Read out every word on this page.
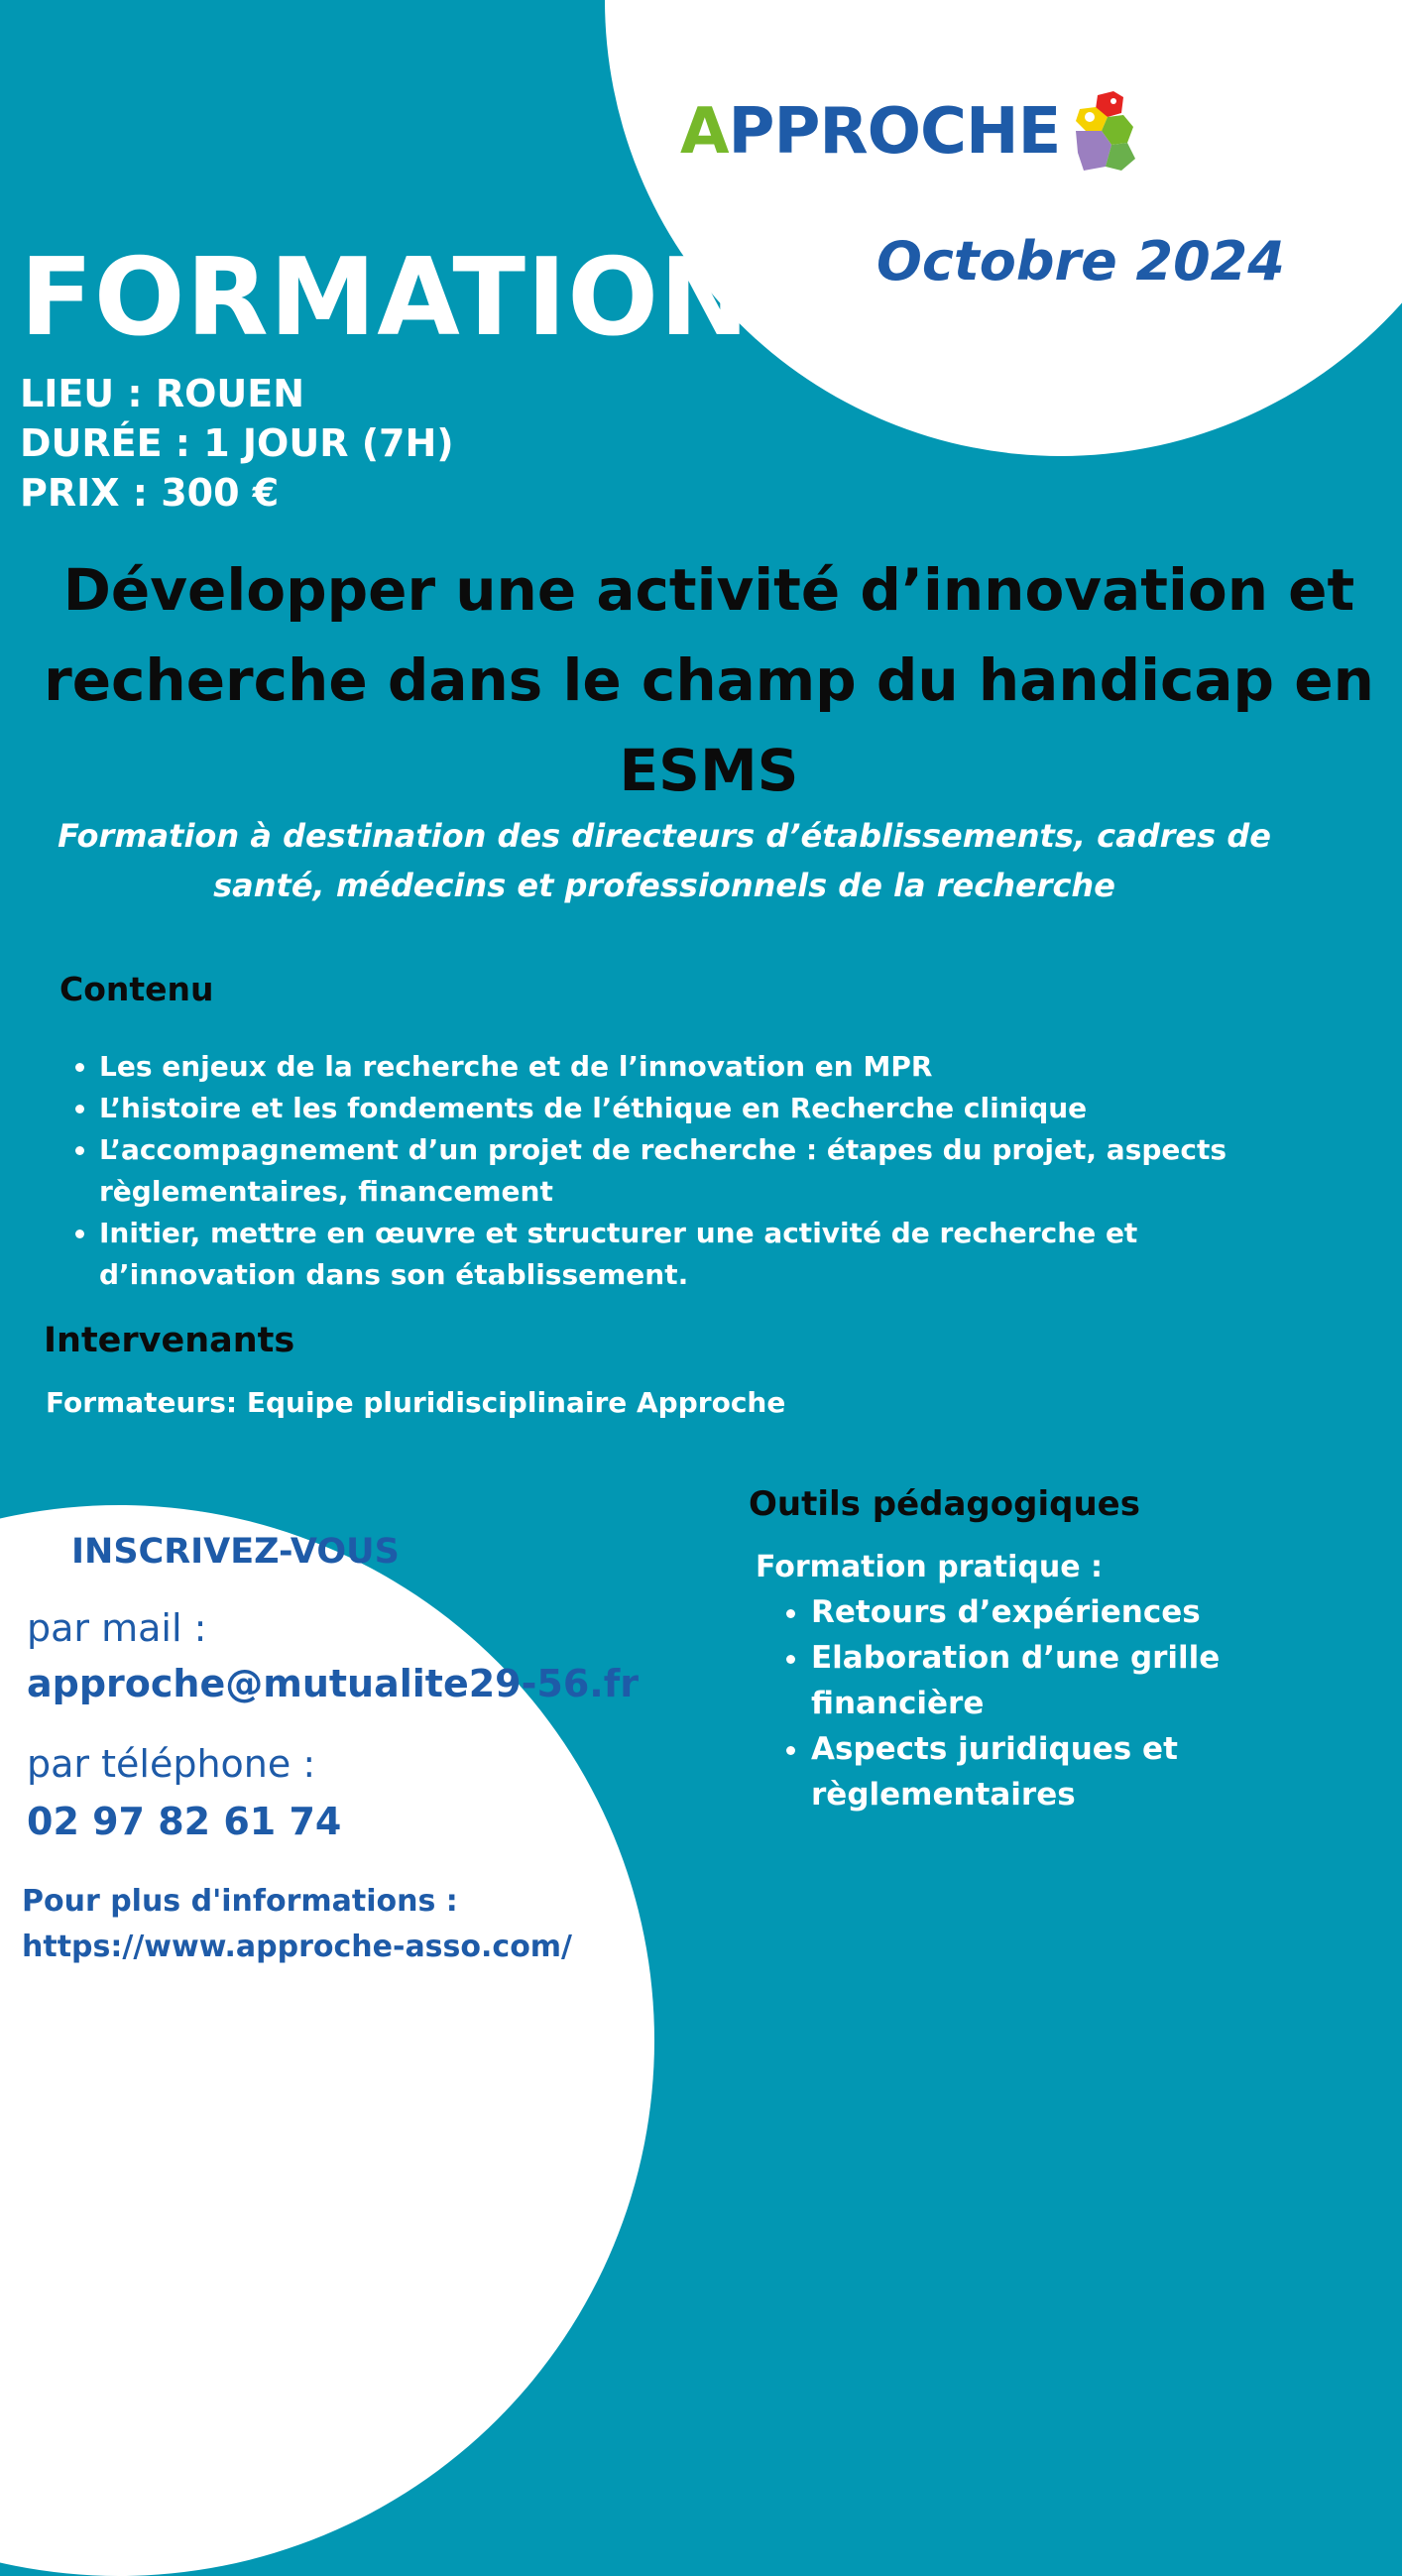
A PPROCHE
Octobre 2024
FORMATION
LIEU : ROUEN
DURÉE : 1 JOUR (7H)
PRIX : 300 €
Développer une activité d’innovation et
recherche dans le champ du handicap en
ESMS
Formation à destination des directeurs d’établissements, cadres de
santé, médecins et professionnels de la recherche
Contenu
• Les enjeux de la recherche et de l’innovation en MPR
• L’histoire et les fondements de l’éthique en Recherche clinique
• L’accompagnement d’un projet de recherche : étapes du projet, aspects règlementaires, financement
• Initier, mettre en œuvre et structurer une activité de recherche et d’innovation dans son établissement.
Intervenants
Formateurs: Equipe pluridisciplinaire Approche
Outils pédagogiques
Formation pratique :
• Retours d’expériences
• Elaboration d’une grille financière
• Aspects juridiques et règlementaires
INSCRIVEZ-VOUS
par mail :
approche@mutualite29-56.fr
par téléphone :
02 97 82 61 74
Pour plus d'informations :
https://www.approche-asso.com/
